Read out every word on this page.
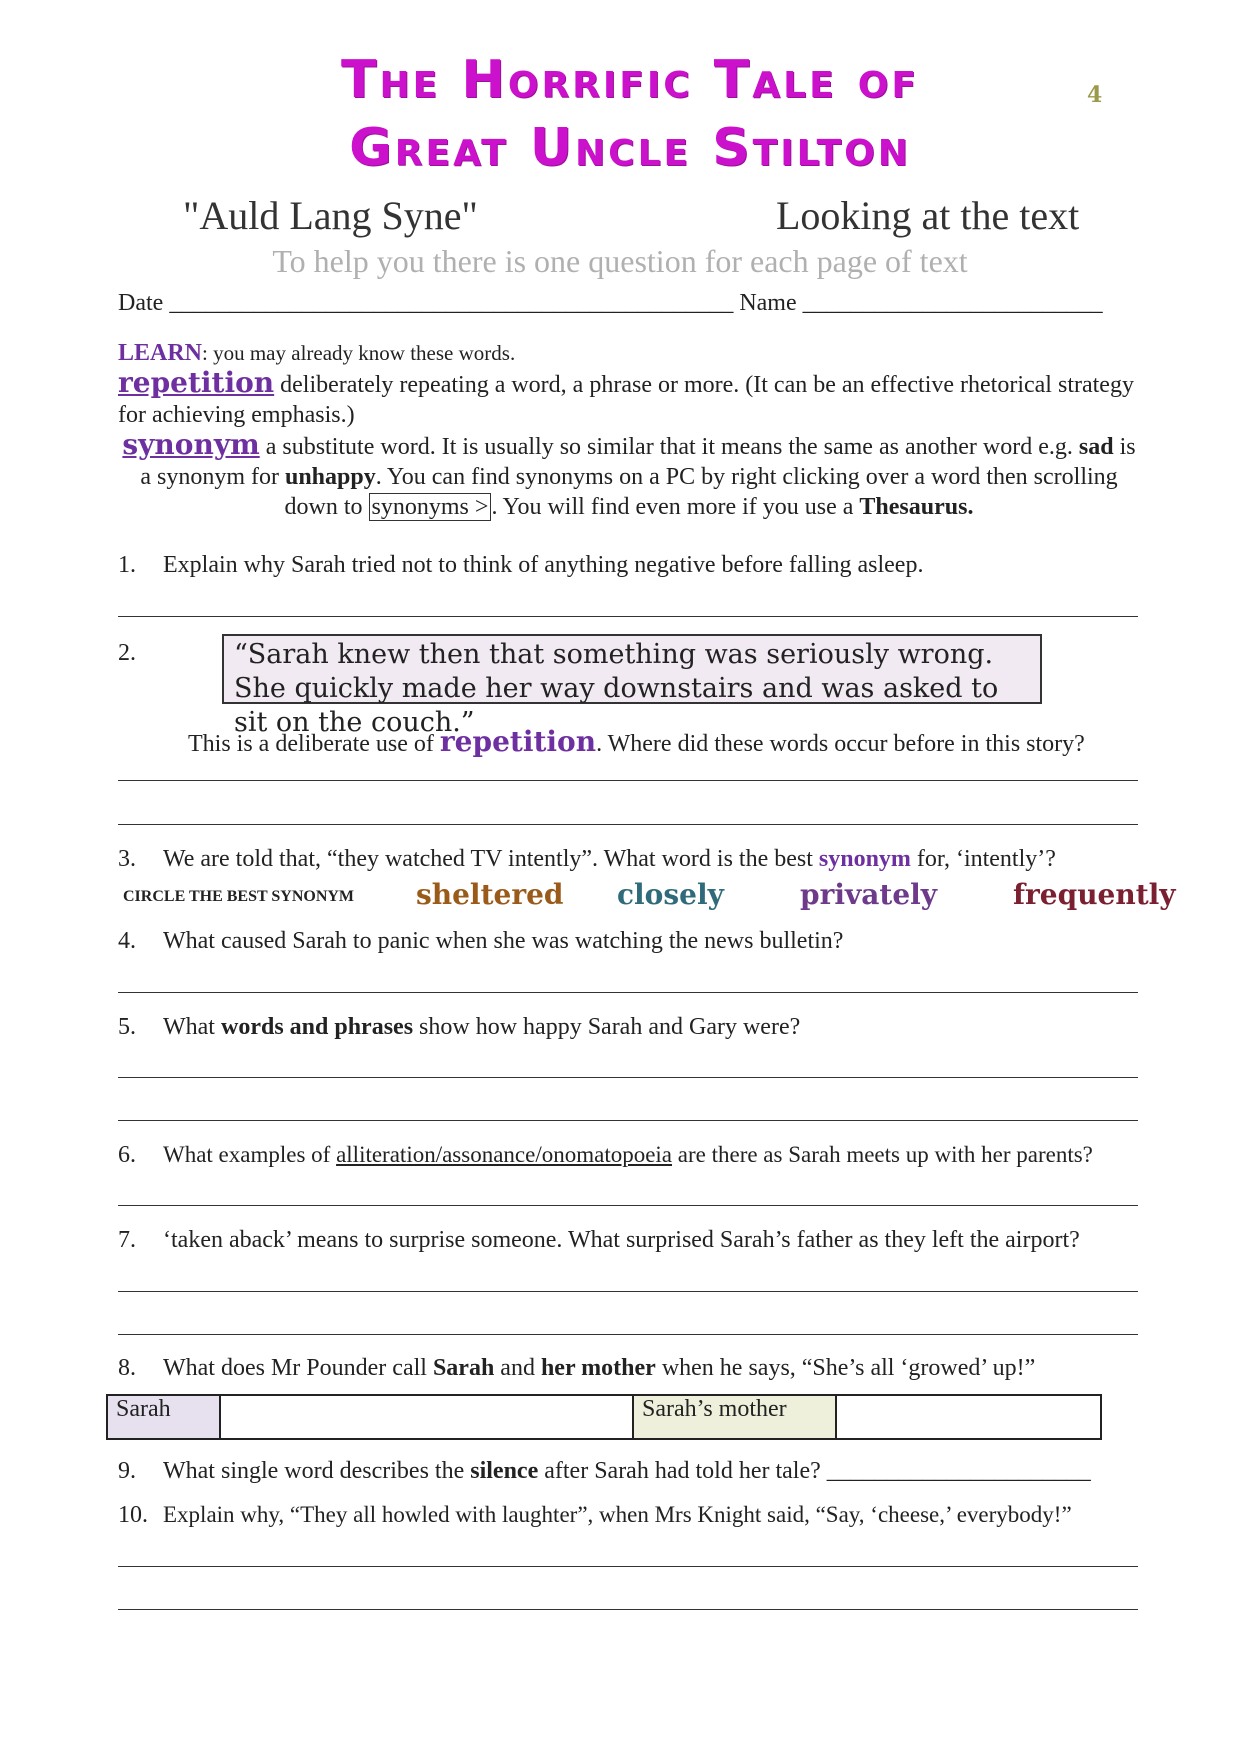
The Horrific Tale of
Great Uncle Stilton
4
"Auld Lang Syne"	Looking at the text
To help you there is one question for each page of text
Date _______________________________________________ Name _________________________
LEARN: you may already know these words.
repetition deliberately repeating a word, a phrase or more. (It can be an effective rhetorical strategy for achieving emphasis.)
synonym a substitute word. It is usually so similar that it means the same as another word e.g. sad is a synonym for unhappy. You can find synonyms on a PC by right clicking over a word then scrolling down to synonyms > . You will find even more if you use a Thesaurus.
1.	Explain why Sarah tried not to think of anything negative before falling asleep.
2.	“Sarah knew then that something was seriously wrong. She quickly made her way downstairs and was asked to sit on the couch.”
This is a deliberate use of repetition. Where did these words occur before in this story?
3.	We are told that, “they watched TV intently”. What word is the best synonym for, ‘intently’?
CIRCLE THE BEST SYNONYM sheltered closely	privately	frequently
4.	What caused Sarah to panic when she was watching the news bulletin?
5.	What words and phrases show how happy Sarah and Gary were?
6.	What examples of alliteration/assonance/onomatopoeia are there as Sarah meets up with her parents?
7.	‘taken aback’ means to surprise someone. What surprised Sarah’s father as they left the airport?
8.	What does Mr Pounder call Sarah and her mother when he says, “She’s all ‘growed’ up!”
Sarah		Sarah’s mother	
9.	What single word describes the silence after Sarah had told her tale? ______________________
10. Explain why, “They all howled with laughter”, when Mrs Knight said, “Say, ‘cheese,’ everybody!”
